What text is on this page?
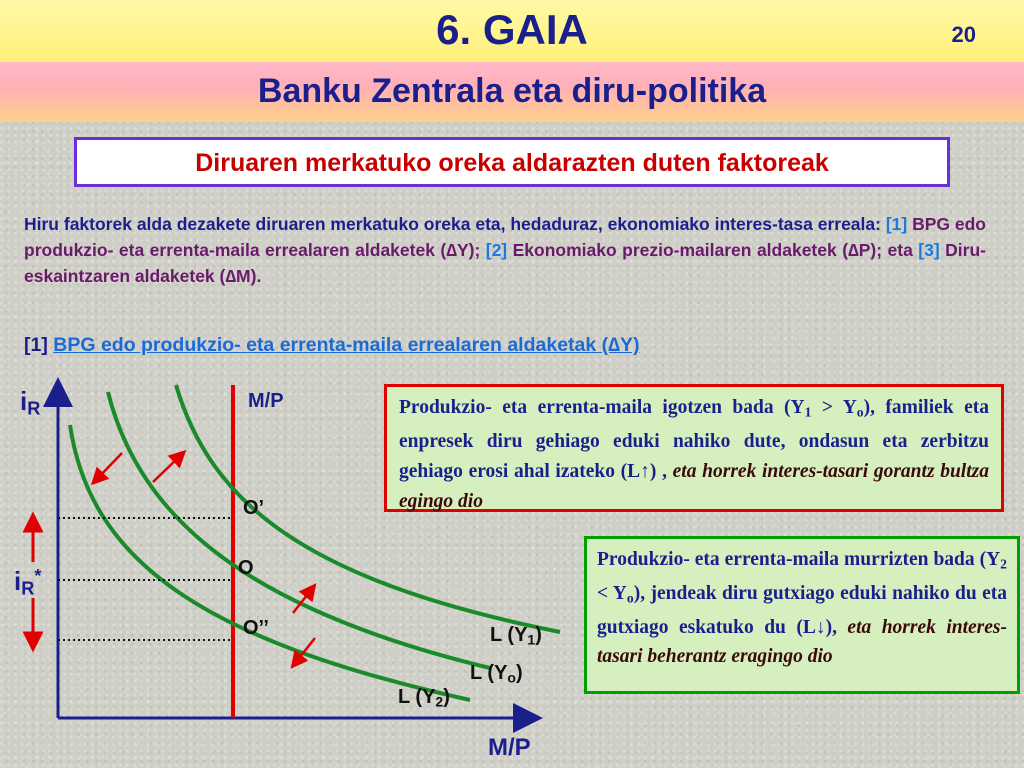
6. GAIA	20
Banku Zentrala eta diru-politika
Diruaren merkatuko oreka aldarazten duten faktoreak
Hiru faktorek alda dezakete diruaren merkatuko oreka eta, hedaduraz, ekonomiako interes-tasa erreala: [1] BPG edo produkzio- eta errenta-maila errealaren aldaketek (∆Y); [2] Ekonomiako prezio-mailaren aldaketek (∆P); eta [3] Diru-eskaintzaren aldaketek (∆M).
[1] BPG edo produkzio- eta errenta-maila errealaren aldaketak (∆Y)
$i_R$
M/P
M/P
$i_R^*$
O’
O
O’’	L $(Y_1)$
L $(Y_o)$
L $(Y_2)$
Produkzio- eta errenta-maila igotzen bada $(Y_1 > Y_o)$, familiek eta enpresek diru gehiago eduki nahiko dute, ondasun eta zerbitzu gehiago erosi ahal izateko (L↑) , eta horrek interes-tasari gorantz bultza egingo dio
Produkzio- eta errenta-maila murrizten bada $(Y_2 < Y_o)$, jendeak diru gutxiago eduki nahiko du eta gutxiago eskatuko du (L↓), eta horrek interes-tasari beherantz eragingo dio
